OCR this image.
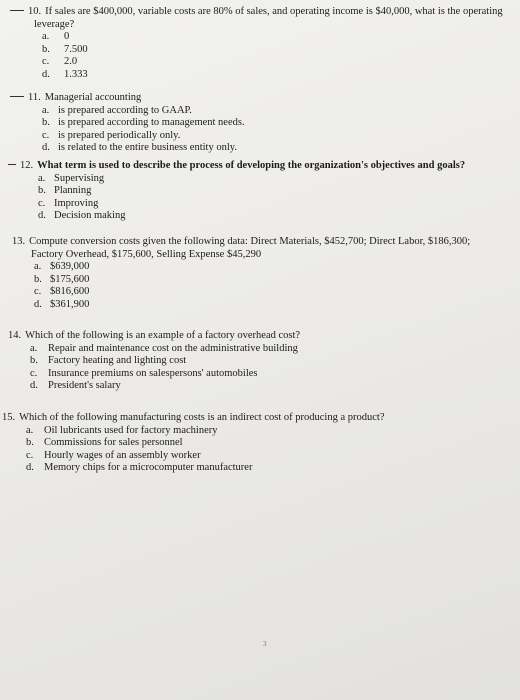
10. If sales are $400,000, variable costs are 80% of sales, and operating income is $40,000, what is the operating
leverage?
a.	0
b.	7.500
c.	2.0
d.	1.333
11. Managerial accounting
a. is prepared according to GAAP.
b. is prepared according to management needs.
c. is prepared periodically only.
d. is related to the entire business entity only.
12. What term is used to describe the process of developing the organization's objectives and goals?
a. Supervising
b. Planning
c. Improving
d. Decision making
13. Compute conversion costs given the following data: Direct Materials, $452,700; Direct Labor, $186,300;
Factory Overhead, $175,600, Selling Expense $45,290
a. $639,000
b. $175,600
c. $816,600
d. $361,900
14. Which of the following is an example of a factory overhead cost?
a.	Repair and maintenance cost on the administrative building
b. Factory heating and lighting cost
c.	Insurance premiums on salespersons' automobiles
d. President's salary
15. Which of the following manufacturing costs is an indirect cost of producing a product?
a.	Oil lubricants used for factory machinery
b. Commissions for sales personnel
c.	Hourly wages of an assembly worker
d. Memory chips for a microcomputer manufacturer
3
